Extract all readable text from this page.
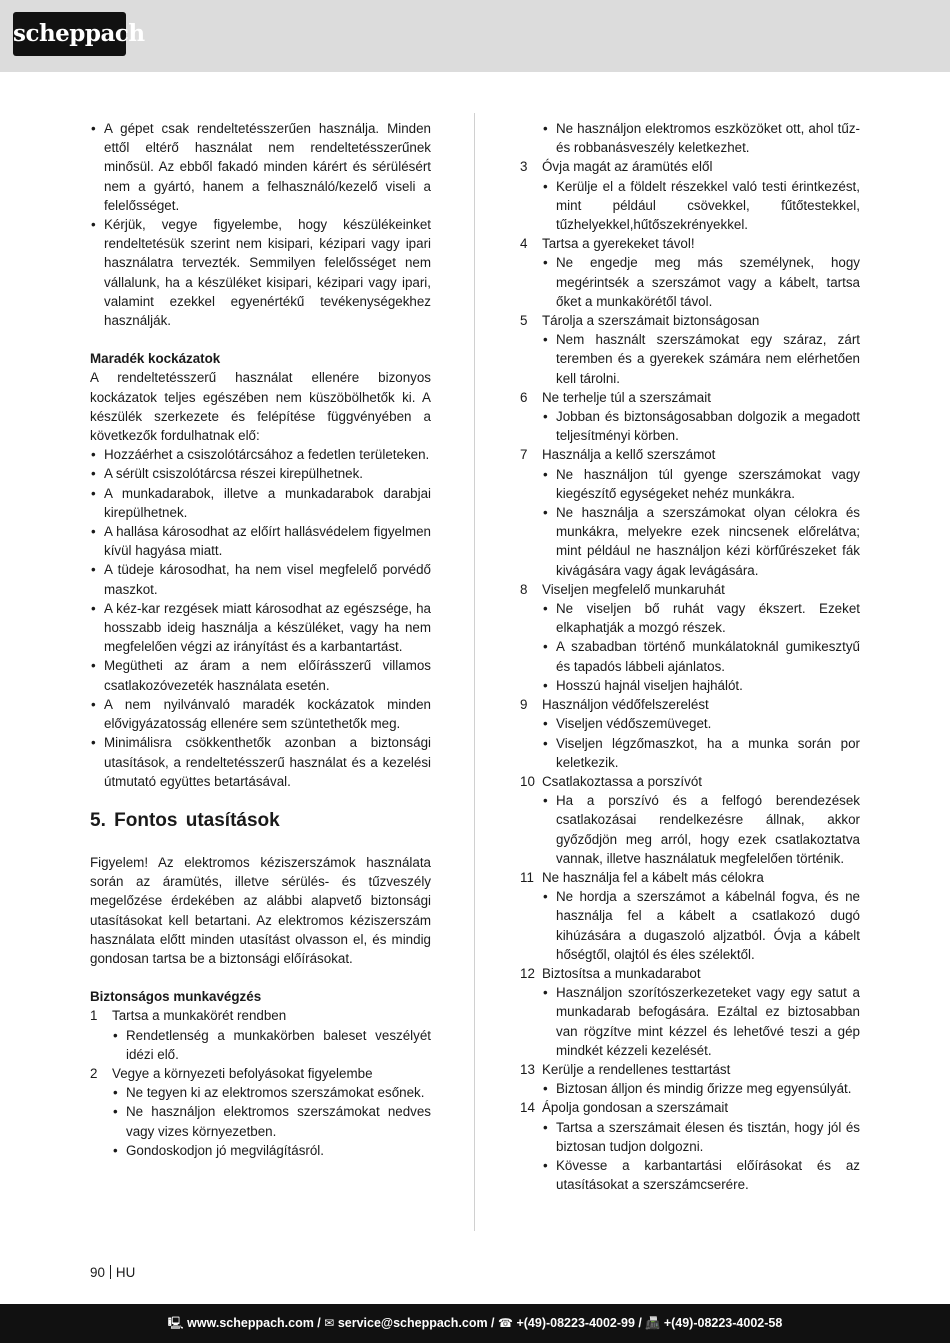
scheppach
• A gépet csak rendeltetésszerűen használja. Minden ettől eltérő használat nem rendeltetésszerűnek minősül. Az ebből fakadó minden kárért és sérülésért nem a gyártó, hanem a felhasználó/kezelő viseli a felelősséget.
• Kérjük, vegye figyelembe, hogy készülékeinket rendeltetésük szerint nem kisipari, kézipari vagy ipari használatra tervezték. Semmilyen felelősséget nem vállalunk, ha a készüléket kisipari, kézipari vagy ipari, valamint ezekkel egyenértékű tevékenységekhez használják.
Maradék kockázatok
A rendeltetésszerű használat ellenére bizonyos kockázatok teljes egészében nem küszöbölhetők ki. A készülék szerkezete és felépítése függvényében a következők fordulhatnak elő:
• Hozzáérhet a csiszolótárcsához a fedetlen területeken.
• A sérült csiszolótárcsa részei kirepülhetnek.
• A munkadarabok, illetve a munkadarabok darabjai kirepülhetnek.
• A hallása károsodhat az előírt hallásvédelem figyelmen kívül hagyása miatt.
• A tüdeje károsodhat, ha nem visel megfelelő porvédő maszkot.
• A kéz-kar rezgések miatt károsodhat az egészsége, ha hosszabb ideig használja a készüléket, vagy ha nem megfelelően végzi az irányítást és a karbantartást.
• Megütheti az áram a nem előírásszerű villamos csatlakozóvezeték használata esetén.
• A nem nyilvánvaló maradék kockázatok minden elővigyázatosság ellenére sem szüntethetők meg.
• Minimálisra csökkenthetők azonban a biztonsági utasítások, a rendeltetésszerű használat és a kezelési útmutató együttes betartásával.
5. Fontos utasítások
Figyelem! Az elektromos kéziszerszámok használata során az áramütés, illetve sérülés- és tűzveszély megelőzése érdekében az alábbi alapvető biztonsági utasításokat kell betartani. Az elektromos kéziszerszám használata előtt minden utasítást olvasson el, és mindig gondosan tartsa be a biztonsági előírásokat.
Biztonságos munkavégzés
1 Tartsa a munkakörét rendben
• Rendetlenség a munkakörben baleset veszélyét idézi elő.
2 Vegye a környezeti befolyásokat figyelembe
• Ne tegyen ki az elektromos szerszámokat esőnek.
• Ne használjon elektromos szerszámokat nedves vagy vizes környezetben.
• Gondoskodjon jó megvilágításról.
• Ne használjon elektromos eszközöket ott, ahol tűz- és robbanásveszély keletkezhet.
3 Óvja magát az áramütés elől
• Kerülje el a földelt részekkel való testi érintkezést, mint például csövekkel, fűtőtestekkel, tűzhelyekkel,hűtőszekrényekkel.
4 Tartsa a gyerekeket távol!
• Ne engedje meg más személynek, hogy megérintsék a szerszámot vagy a kábelt, tartsa őket a munkakörétől távol.
5 Tárolja a szerszámait biztonságosan
• Nem használt szerszámokat egy száraz, zárt teremben és a gyerekek számára nem elérhetően kell tárolni.
6 Ne terhelje túl a szerszámait
• Jobban és biztonságosabban dolgozik a megadott teljesítményi körben.
7 Használja a kellő szerszámot
• Ne használjon túl gyenge szerszámokat vagy kiegészítő egységeket nehéz munkákra.
• Ne használja a szerszámokat olyan célokra és munkákra, melyekre ezek nincsenek előrelátva; mint például ne használjon kézi körfűrészeket fák kivágására vagy ágak levágására.
8 Viseljen megfelelő munkaruhát
• Ne viseljen bő ruhát vagy ékszert. Ezeket elkaphatják a mozgó részek.
• A szabadban történő munkálatoknál gumikesztyű és tapadós lábbeli ajánlatos.
• Hosszú hajnál viseljen hajhálót.
9 Használjon védőfelszerelést
• Viseljen védőszemüveget.
• Viseljen légzőmaszkot, ha a munka során por keletkezik.
10 Csatlakoztassa a porszívót
• Ha a porszívó és a felfogó berendezések csatlakozásai rendelkezésre állnak, akkor győződjön meg arról, hogy ezek csatlakoztatva vannak, illetve használatuk megfelelően történik.
11 Ne használja fel a kábelt más célokra
• Ne hordja a szerszámot a kábelnál fogva, és ne használja fel a kábelt a csatlakozó dugó kihúzására a dugaszoló aljzatból. Óvja a kábelt hőségtől, olajtól és éles szélektől.
12 Biztosítsa a munkadarabot
• Használjon szorítószerkezeteket vagy egy satut a munkadarab befogására. Ezáltal ez biztosabban van rögzítve mint kézzel és lehetővé teszi a gép mindkét kézzeli kezelését.
13 Kerülje a rendellenes testtartást
• Biztosan álljon és mindig őrizze meg egyensúlyát.
14 Ápolja gondosan a szerszámait
• Tartsa a szerszámait élesen és tisztán, hogy jól és biztosan tudjon dolgozni.
• Kövesse a karbantartási előírásokat és az utasításokat a szerszámcserére.
90 HU
🖳 www.scheppach.com / ✉ service@scheppach.com / ☎ +(49)-08223-4002-99 / 📠 +(49)-08223-4002-58
